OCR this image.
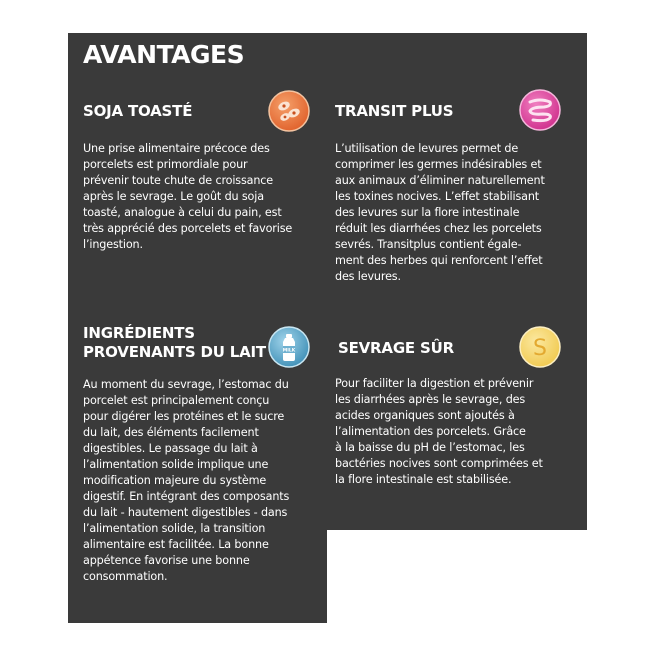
AVANTAGES
SOJA TOASTÉ

Une prise alimentaire précoce des
porcelets est primordiale pour
prévenir toute chute de croissance
après le sevrage. Le goût du soja
toasté, analogue à celui du pain, est
très apprécié des porcelets et favorise
l’ingestion.

TRANSIT PLUS

L’utilisation de levures permet de
comprimer les germes indésirables et
aux animaux d’éliminer naturellement
les toxines nocives. L’effet stabilisant
des levures sur la flore intestinale
réduit les diarrhées chez les porcelets
sevrés. Transitplus contient égale-
ment des herbes qui renforcent l’effet
des levures.

INGRÉDIENTS
PROVENANTS DU LAIT	MILK

Au moment du sevrage, l’estomac du
porcelet est principalement conçu
pour digérer les protéines et le sucre
du lait, des éléments facilement
digestibles. Le passage du lait à
l’alimentation solide implique une
modification majeure du système
digestif. En intégrant des composants
du lait - hautement digestibles - dans
l’alimentation solide, la transition
alimentaire est facilitée. La bonne
appétence favorise une bonne
consommation.

SEVRAGE SÛR	S

Pour faciliter la digestion et prévenir
les diarrhées après le sevrage, des
acides organiques sont ajoutés à
l’alimentation des porcelets. Grâce
à la baisse du pH de l’estomac, les
bactéries nocives sont comprimées et
la flore intestinale est stabilisée.
